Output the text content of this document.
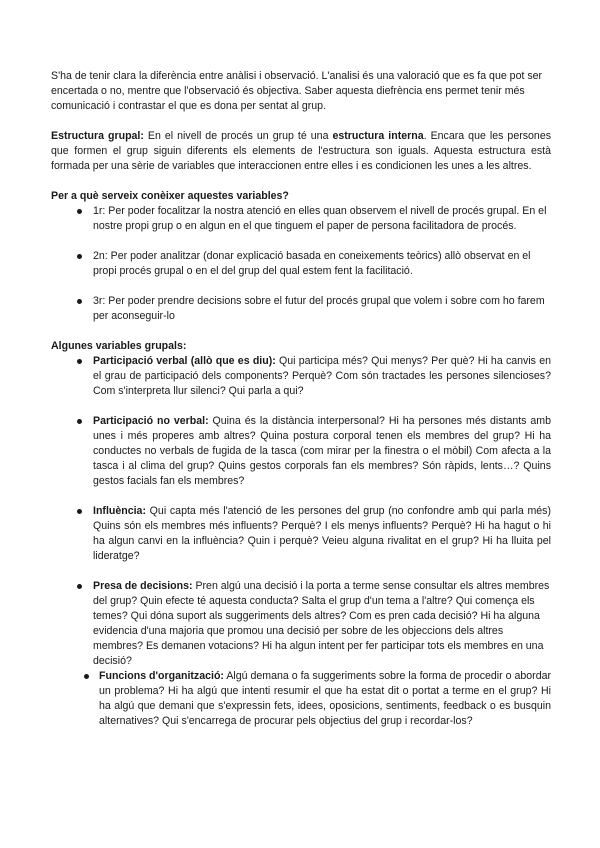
S'ha de tenir clara la diferència entre anàlisi i observació. L'analisi és una valoració que es fa que pot ser encertada o no, mentre que l'observació és objectiva. Saber aquesta diefrència ens permet tenir més comunicació i contrastar el que es dona per sentat al grup.

Estructura grupal: En el nivell de procés un grup té una estructura interna. Encara que les persones que formen el grup siguin diferents els elements de l'estructura son iguals. Aquesta estructura està formada per una sèrie de variables que interaccionen entre elles i es condicionen les unes a les altres.

Per a què serveix conèixer aquestes variables?

1r: Per poder focalitzar la nostra atenció en elles quan observem el nivell de procés grupal. En el nostre propi grup o en algun en el que tinguem el paper de persona facilitadora de procés.
2n: Per poder analitzar (donar explicació basada en coneixements teòrics) allò observat en el propi procés grupal o en el del grup del qual estem fent la facilitació.
3r: Per poder prendre decisions sobre el futur del procés grupal que volem i sobre com ho farem per aconseguir-lo

Algunes variables grupals:

Participació verbal (allò que es diu): Qui participa més? Qui menys? Per què? Hi ha canvis en el grau de participació dels components? Perquè? Com són tractades les persones silencioses? Com s'interpreta llur silenci? Qui parla a qui?
Participació no verbal: Quina és la distància interpersonal? Hi ha persones més distants amb unes i més properes amb altres? Quina postura corporal tenen els membres del grup? Hi ha conductes no verbals de fugida de la tasca (com mirar per la finestra o el mòbil) Com afecta a la tasca i al clima del grup? Quins gestos corporals fan els membres? Són ràpids, lents…? Quins gestos facials fan els membres?
Influència: Qui capta més l'atenció de les persones del grup (no confondre amb qui parla més) Quins són els membres més influents? Perquè? I els menys influents? Perquè? Hi ha hagut o hi ha algun canvi en la influència? Quin i perquè? Veieu alguna rivalitat en el grup? Hi ha lluita pel lideratge?
Presa de decisions: Pren algú una decisió i la porta a terme sense consultar els altres membres del grup? Quin efecte té aquesta conducta? Salta el grup d'un tema a l'altre? Qui comença els temes? Qui dóna suport als suggeriments dels altres? Com es pren cada decisió? Hi ha alguna evidencia d'una majoria que promou una decisió per sobre de les objeccions dels altres membres? Es demanen votacions? Hi ha algun intent per fer participar tots els membres en una decisió?
Funcions d'organització: Algú demana o fa suggeriments sobre la forma de procedir o abordar un problema? Hi ha algú que intenti resumir el que ha estat dit o portat a terme en el grup? Hi ha algú que demani que s'expressin fets, idees, oposicions, sentiments, feedback o es busquin alternatives? Qui s'encarrega de procurar pels objectius del grup i recordar-los?
